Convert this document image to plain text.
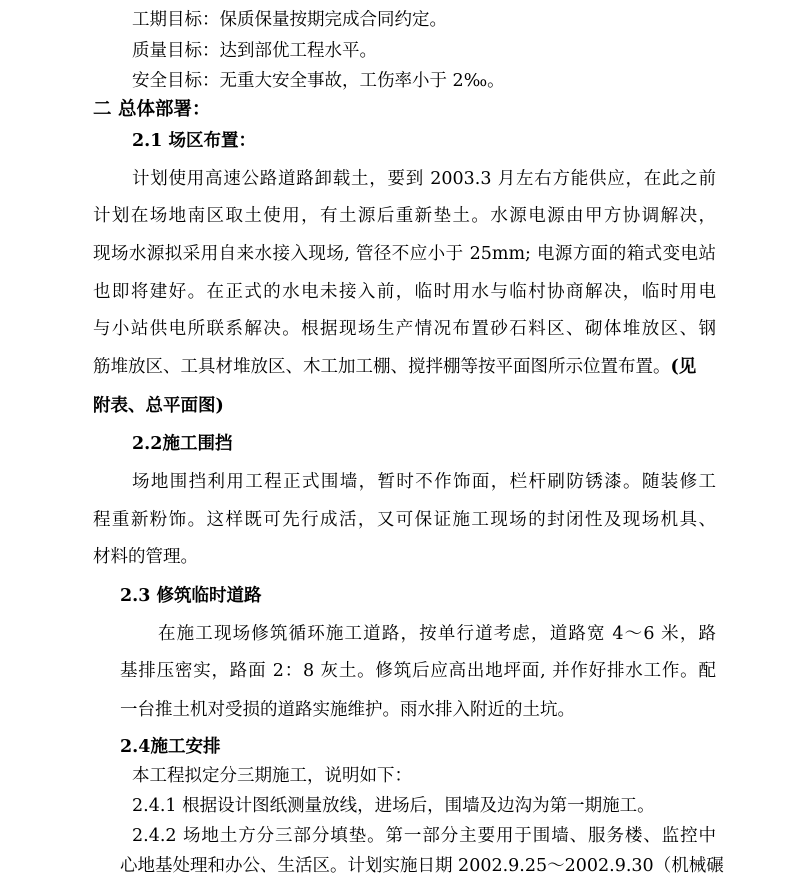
工期目标：保质保量按期完成合同约定。
质量目标：达到部优工程水平。
安全目标：无重大安全事故，工伤率小于 2‰。
二 总体部署：
2.1 场区布置：
计划使用高速公路道路卸载土，要到 2003.3 月左右方能供应，在此之前
计划在场地南区取土使用，有土源后重新垫土。水源电源由甲方协调解决，
现场水源拟采用自来水接入现场, 管径不应小于 25mm; 电源方面的箱式变电站
也即将建好。在正式的水电未接入前，临时用水与临村协商解决，临时用电
与小站供电所联系解决。根据现场生产情况布置砂石料区、砌体堆放区、钢
筋堆放区、工具材堆放区、木工加工棚、搅拌棚等按平面图所示位置布置。(见
附表、总平面图)
2.2施工围挡
场地围挡利用工程正式围墙，暂时不作饰面，栏杆刷防锈漆。随装修工
程重新粉饰。这样既可先行成活，又可保证施工现场的封闭性及现场机具、
材料的管理。
2.3 修筑临时道路
在施工现场修筑循环施工道路，按单行道考虑，道路宽 4～6 米，路
基排压密实，路面 2：8 灰土。修筑后应高出地坪面, 并作好排水工作。配
一台推土机对受损的道路实施维护。雨水排入附近的土坑。
2.4施工安排
本工程拟定分三期施工，说明如下：
2.4.1 根据设计图纸测量放线，进场后，围墙及边沟为第一期施工。
2.4.2 场地土方分三部分填垫。第一部分主要用于围墙、服务楼、监控中
心地基处理和办公、生活区。计划实施日期 2002.9.25～2002.9.30（机械碾
